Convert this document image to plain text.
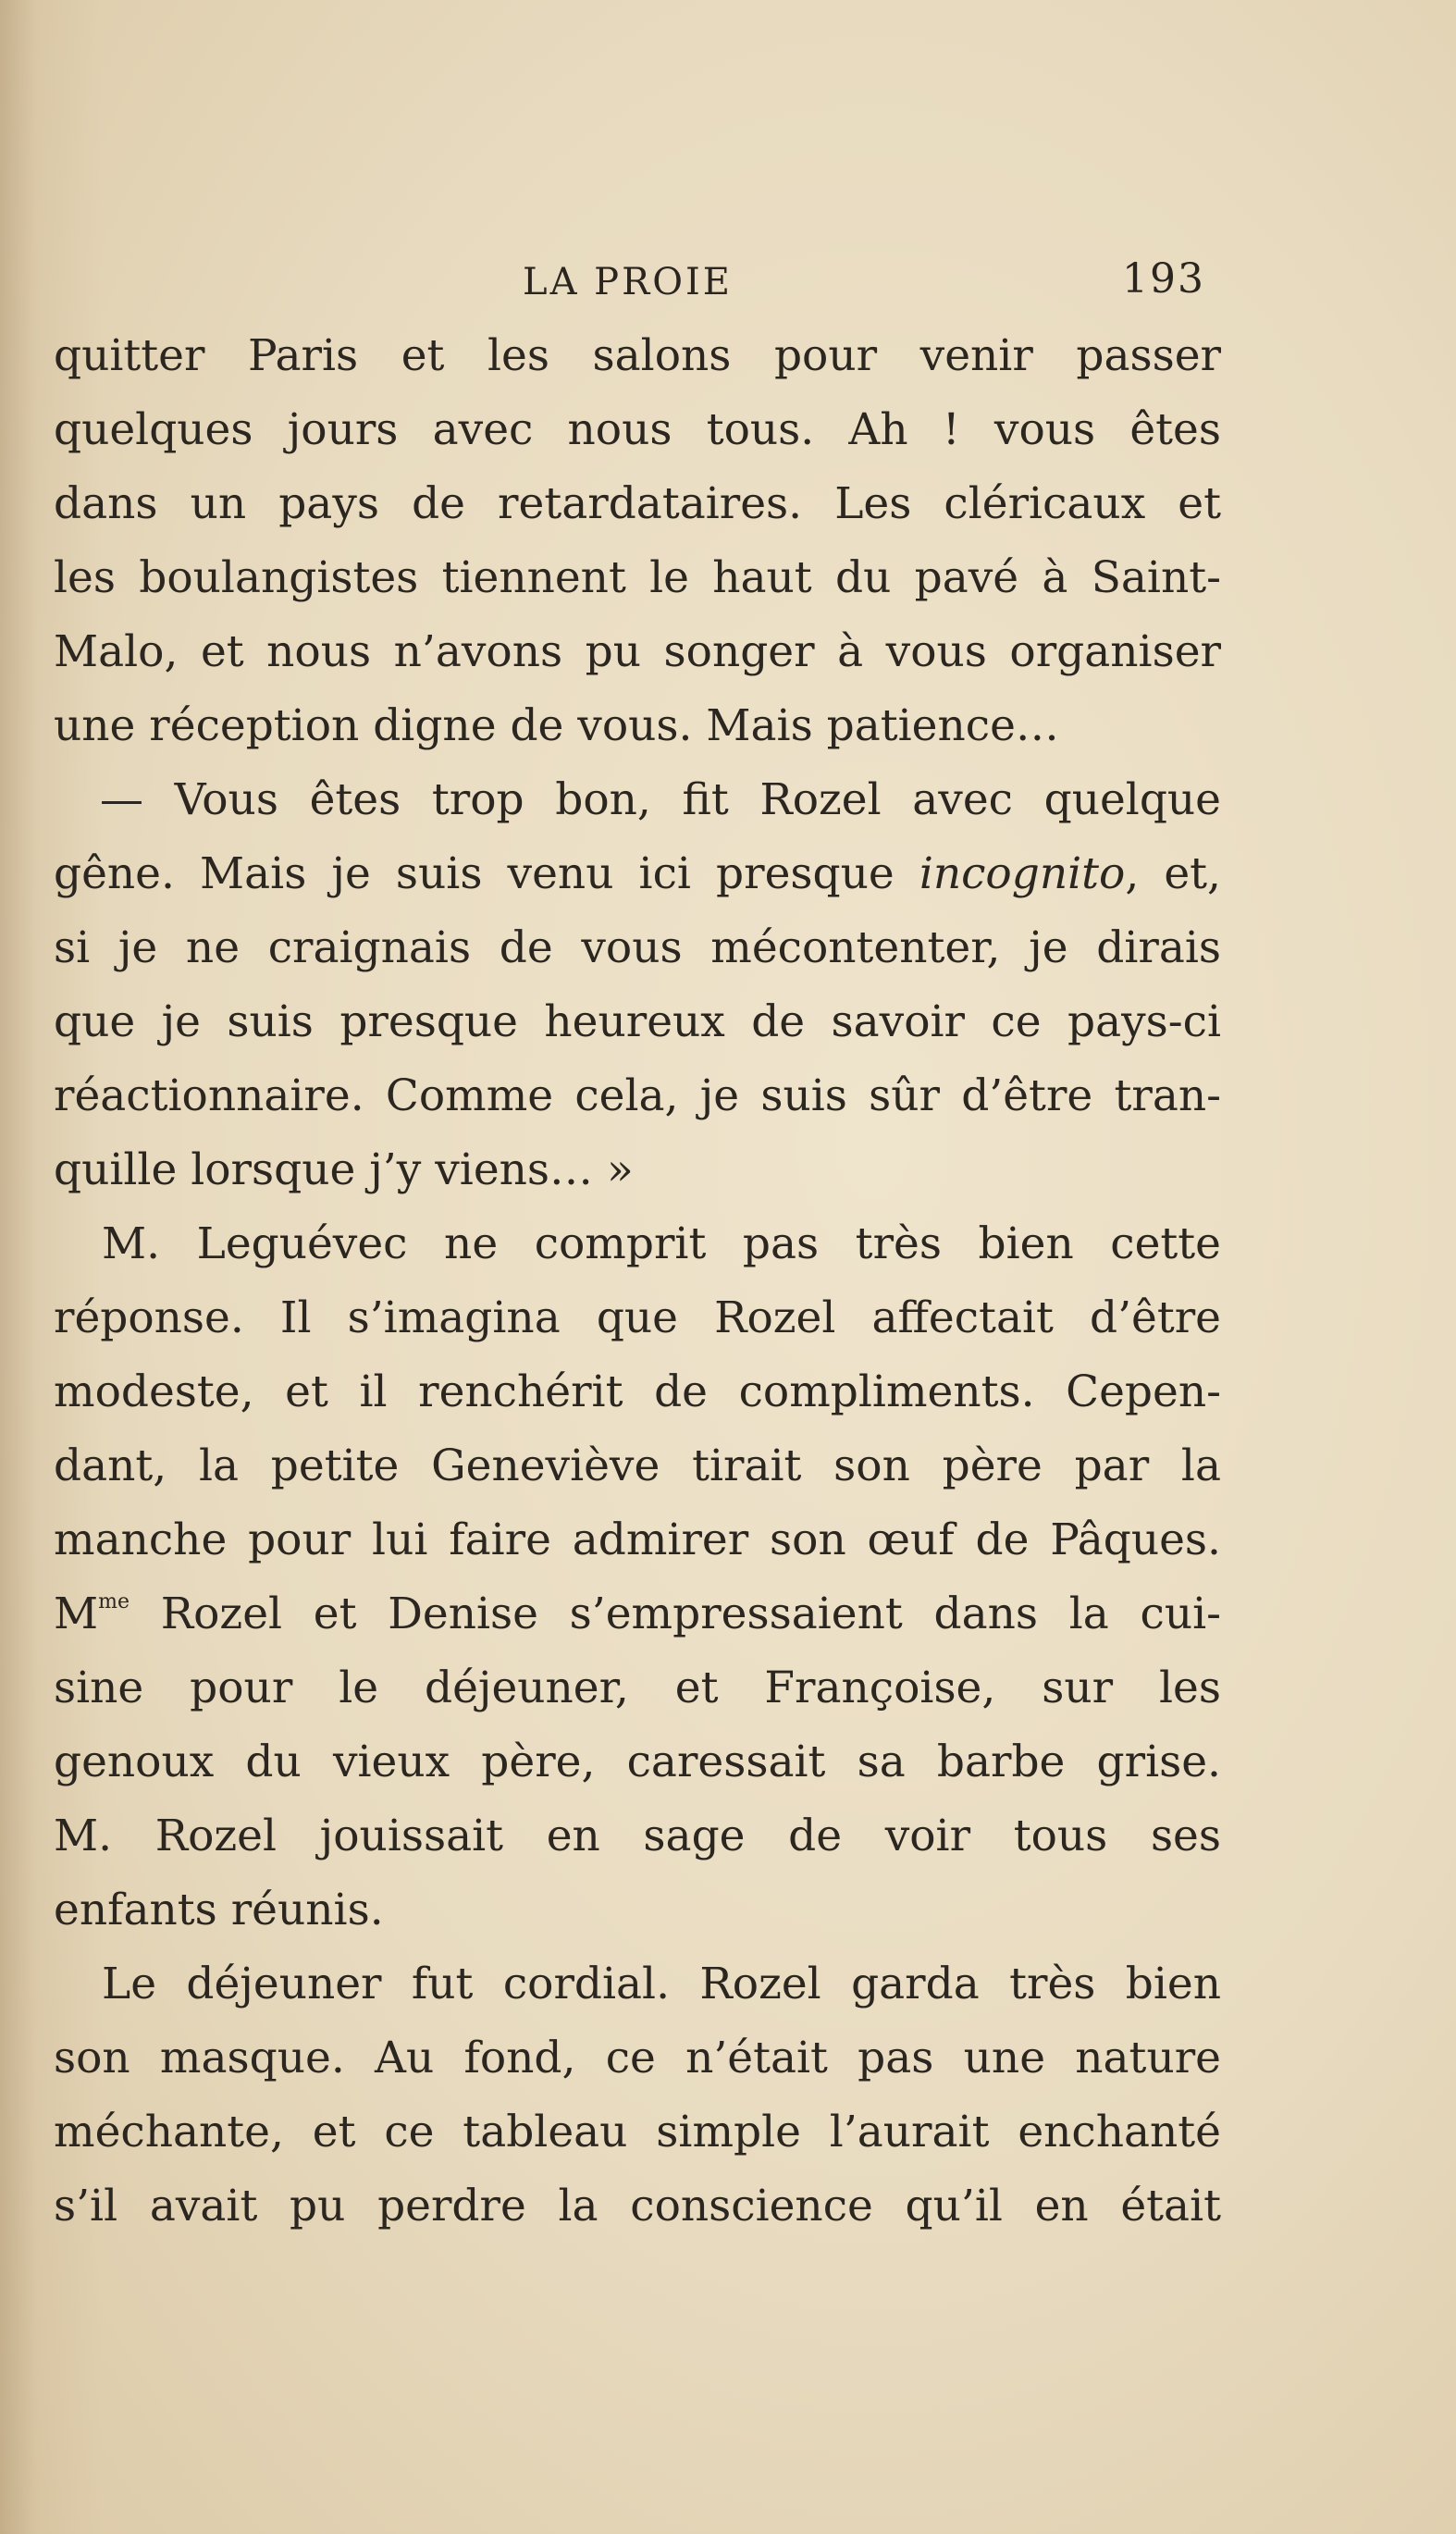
LA PROIE	193
quitter Paris et les salons pour venir passer
quelques jours avec nous tous. Ah ! vous êtes
dans un pays de retardataires. Les cléricaux et
les boulangistes tiennent le haut du pavé à Saint-
Malo, et nous n’avons pu songer à vous organiser
une réception digne de vous. Mais patience…
— Vous êtes trop bon, fit Rozel avec quelque
gêne. Mais je suis venu ici presque incognito, et,
si je ne craignais de vous mécontenter, je dirais
que je suis presque heureux de savoir ce pays-ci
réactionnaire. Comme cela, je suis sûr d’être tran-
quille lorsque j’y viens… »
M. Leguévec ne comprit pas très bien cette
réponse. Il s’imagina que Rozel affectait d’être
modeste, et il renchérit de compliments. Cepen-
dant, la petite Geneviève tirait son père par la
manche pour lui faire admirer son œuf de Pâques.
$M^{me}$ Rozel et Denise s’empressaient dans la cui-
sine pour le déjeuner, et Françoise, sur les
genoux du vieux père, caressait sa barbe grise.
M. Rozel jouissait en sage de voir tous ses
enfants réunis.
Le déjeuner fut cordial. Rozel garda très bien
son masque. Au fond, ce n’était pas une nature
méchante, et ce tableau simple l’aurait enchanté
s’il avait pu perdre la conscience qu’il en était
